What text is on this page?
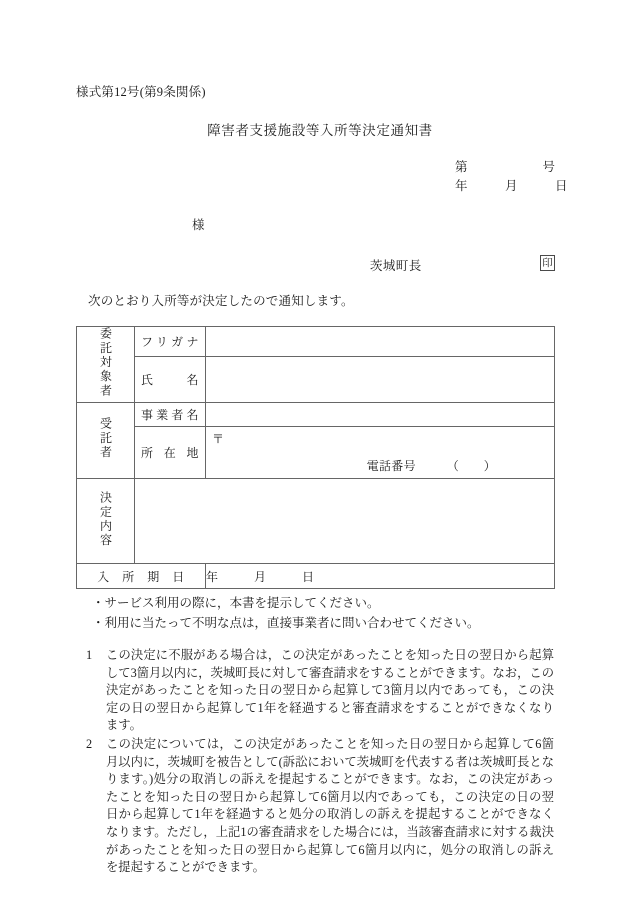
様式第12号(第9条関係)
障害者支援施設等入所等決定通知書
第　　　　　　号
年　　　月　　　日
様
茨城町長	印
次のとおり入所等が決定したので通知します。
委託対象者	フリガナ	
	氏名	
受託者	事業者名	
	所在地	〒
電話番号　　　（　　）

決定内容		
入　所　期　日		年　　　月　　　日
・サービス利用の際に，本書を提示してください。
・利用に当たって不明な点は，直接事業者に問い合わせてください。
1	この決定に不服がある場合は，この決定があったことを知った日の翌日から起算して3箇月以内に，茨城町長に対して審査請求をすることができます。なお，この決定があったことを知った日の翌日から起算して3箇月以内であっても，この決定の日の翌日から起算して1年を経過すると審査請求をすることができなくなります。
2	この決定については，この決定があったことを知った日の翌日から起算して6箇月以内に，茨城町を被告として(訴訟において茨城町を代表する者は茨城町長となります。)処分の取消しの訴えを提起することができます。なお，この決定があったことを知った日の翌日から起算して6箇月以内であっても，この決定の日の翌日から起算して1年を経過すると処分の取消しの訴えを提起することができなくなります。ただし，上記1の審査請求をした場合には，当該審査請求に対する裁決があったことを知った日の翌日から起算して6箇月以内に，処分の取消しの訴えを提起することができます。
